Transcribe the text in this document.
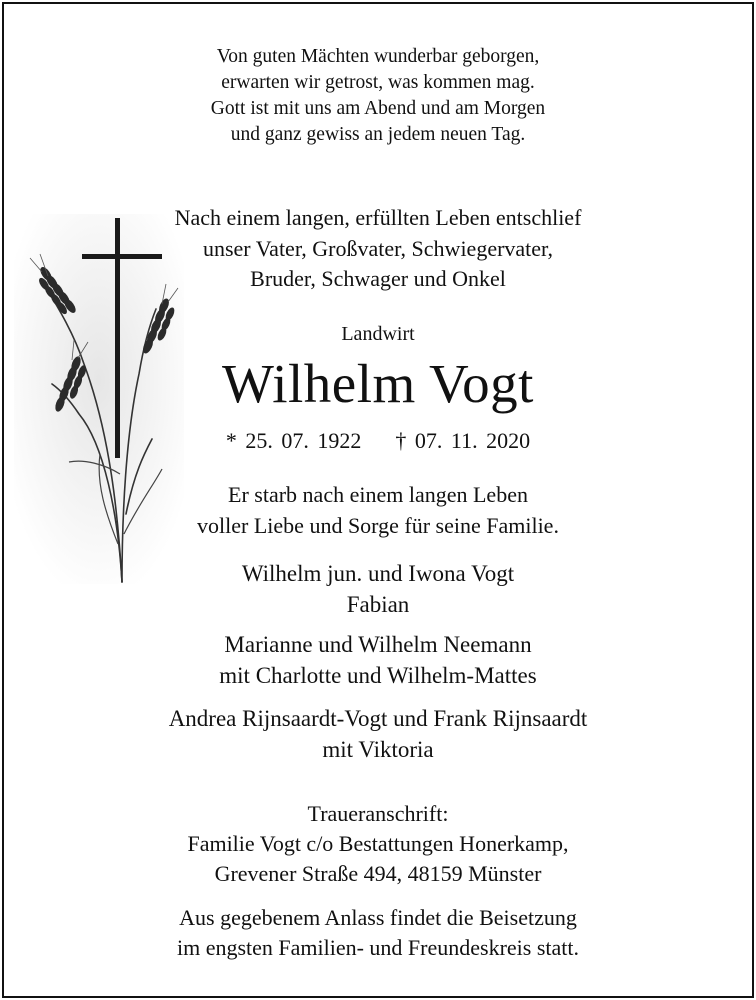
Von guten Mächten wunderbar geborgen,
erwarten wir getrost, was kommen mag.
Gott ist mit uns am Abend und am Morgen
und ganz gewiss an jedem neuen Tag.
Nach einem langen, erfüllten Leben entschlief
unser Vater, Großvater, Schwiegervater,
Bruder, Schwager und Onkel
Landwirt
Wilhelm Vogt
* 25. 07. 1922 † 07. 11. 2020
Er starb nach einem langen Leben
voller Liebe und Sorge für seine Familie.
Wilhelm jun. und Iwona Vogt
Fabian
Marianne und Wilhelm Neemann
mit Charlotte und Wilhelm-Mattes
Andrea Rijnsaardt-Vogt und Frank Rijnsaardt
mit Viktoria
Traueranschrift:
Familie Vogt c/o Bestattungen Honerkamp,
Grevener Straße 494, 48159 Münster
Aus gegebenem Anlass findet die Beisetzung
im engsten Familien- und Freundeskreis statt.
